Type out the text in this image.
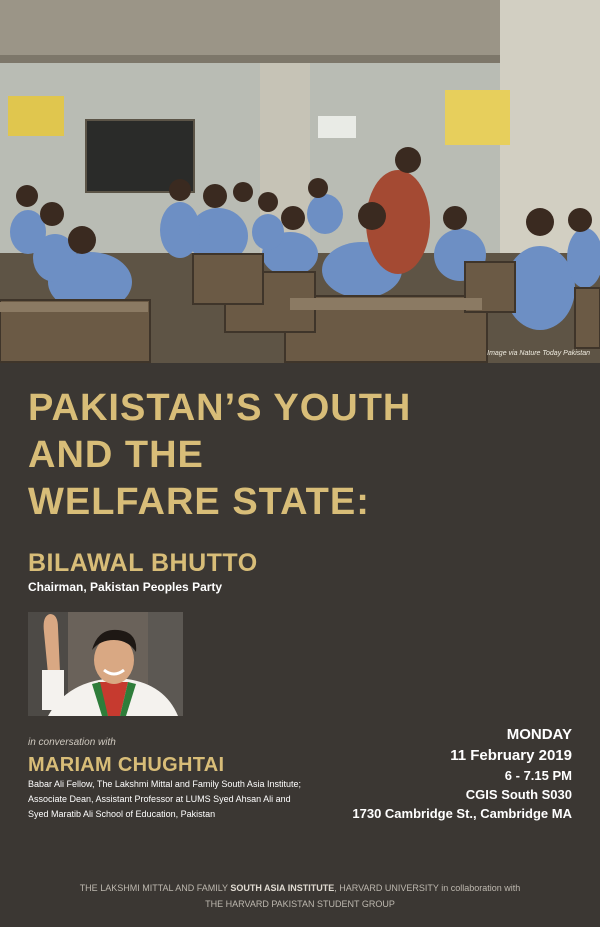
Image via Nature Today Pakistan
PAKISTAN’S YOUTH
AND THE
WELFARE STATE:
BILAWAL BHUTTO
Chairman, Pakistan Peoples Party
in conversation with
MARIAM CHUGHTAI
Babar Ali Fellow, The Lakshmi Mittal and Family South Asia Institute;
Associate Dean, Assistant Professor at LUMS Syed Ahsan Ali and
Syed Maratib Ali School of Education, Pakistan
MONDAY
11 February 2019
6 - 7.15 PM
CGIS South S030
1730 Cambridge St., Cambridge MA
THE LAKSHMI MITTAL AND FAMILY SOUTH ASIA INSTITUTE, HARVARD UNIVERSITY in collaboration with
THE HARVARD PAKISTAN STUDENT GROUP
